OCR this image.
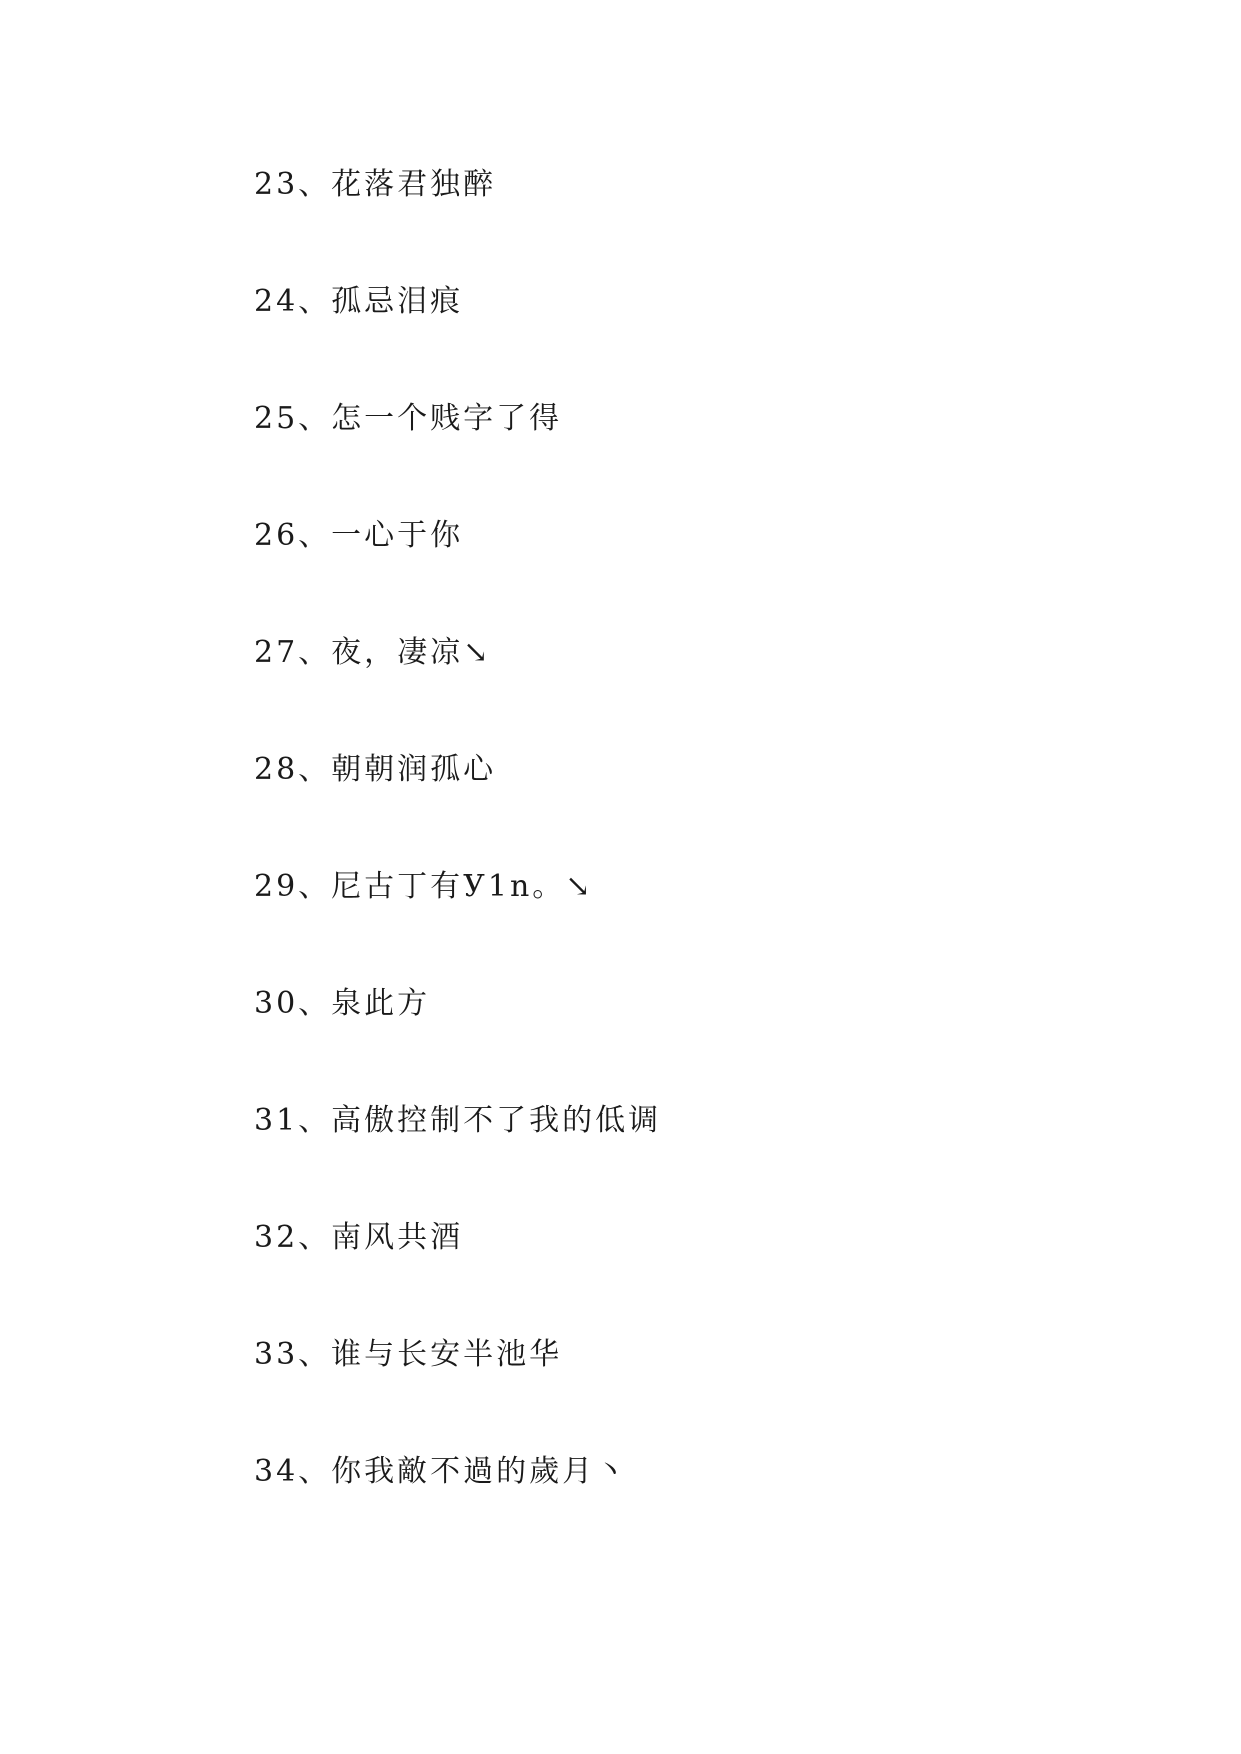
23、花落君独醉
24、孤忌泪痕
25、怎一个贱字了得
26、一心于你
27、夜，凄凉↘
28、朝朝润孤心
29、尼古丁有У1n。↘
30、泉此方
31、高傲控制不了我的低调
32、南风共酒
33、谁与长安半池华
34、你我敵不過的歲月丶
